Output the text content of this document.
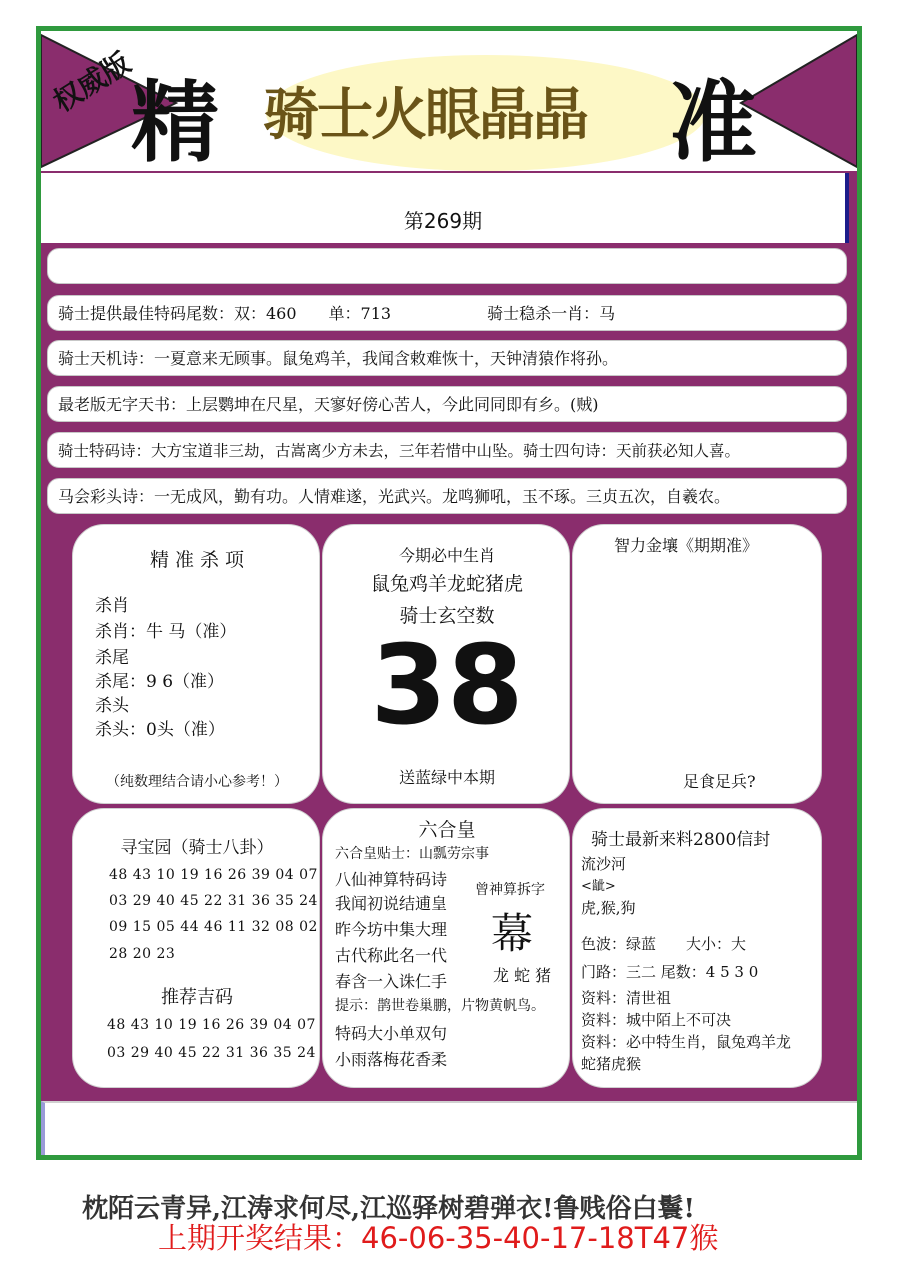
权威版
精 骑士火眼晶晶 准
第269期
骑士提供最佳特码尾数：双：460　　单：713　　　　　　骑士稳杀一肖：马
骑士天机诗：一夏意来无顾事。鼠兔鸡羊，我闻含敕难恢十，天钟清猿作将孙。
最老版无字天书：上层鹦坤在尺星，天寥好傍心苦人，今此同同即有乡。(贼)
骑士特码诗：大方宝道非三劫，古嵩离少方未去，三年若惜中山坠。骑士四句诗：天前获必知人喜。
马会彩头诗：一无成风，勤有功。人情难遂，光武兴。龙鸣狮吼，玉不琢。三贞五次，自羲农。
精 准 杀 项
杀肖
杀肖：牛 马（准）
杀尾
杀尾：9 6（准）
杀头
杀头：0头（准）
（纯数理结合请小心参考！）
今期必中生肖
鼠兔鸡羊龙蛇猪虎
骑士玄空数
38
送蓝绿中本期
智力金壤《期期准》
足食足兵?
寻宝园（骑士八卦）
48 43 10 19 16 26 39 04 07
03 29 40 45 22 31 36 35 24
09 15 05 44 46 11 32 08 02
28 20 23
推荐吉码
48 43 10 19 16 26 39 04 07
03 29 40 45 22 31 36 35 24
六合皇
六合皇贴士：山瓢劳宗事
八仙神算特码诗
我闻初说结逋皇
昨今坊中集大理
古代称此名一代
春含一入诛仁手
提示：鹊世卷巢鹏，片物黄帆鸟。
特码大小单双句
小雨落梅花香柔
曾神算拆字
幕
龙 蛇 猪
骑士最新来料2800信封
流沙河
<龇>
虎,猴,狗
色波：绿蓝　　大小：大
门路：三二 尾数：4 5 3 0
资料：清世祖
资料：城中陌上不可决
资料：必中特生肖，鼠兔鸡羊龙
蛇猪虎猴
枕陌云青异,江涛求何尽,江巡驿树碧弹衣!鲁贱俗白鬟!
上期开奖结果：46-06-35-40-17-18T47猴
